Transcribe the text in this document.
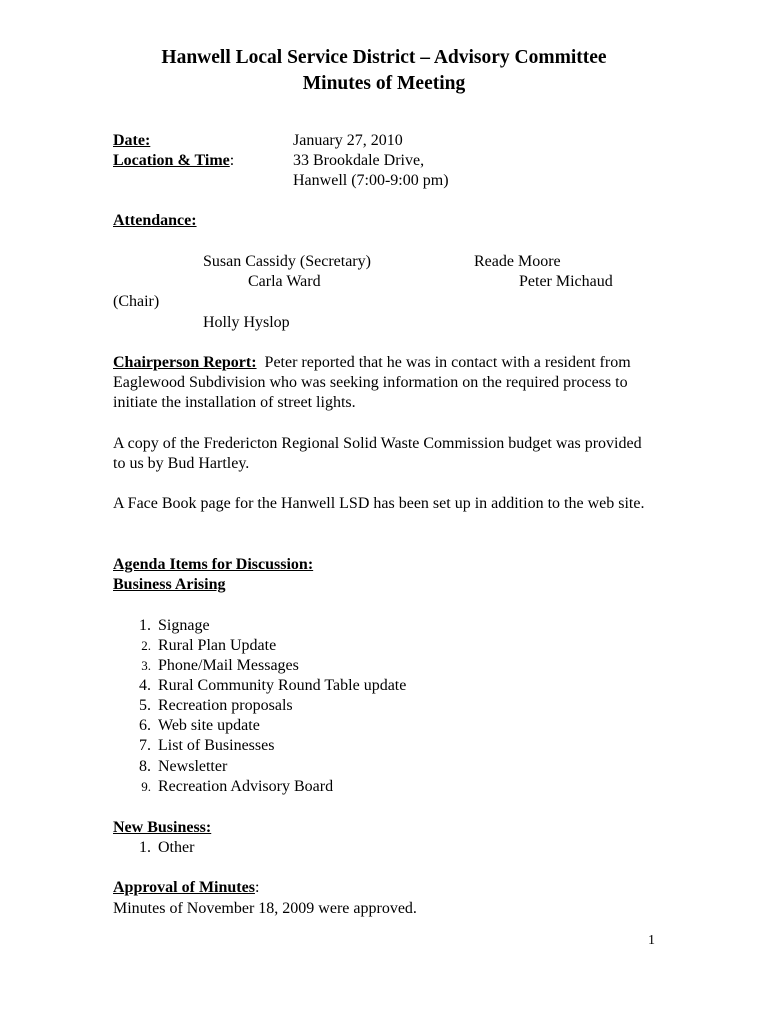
Hanwell Local Service District – Advisory Committee
Minutes of Meeting
Date:	January 27, 2010
Location & Time:	33 Brookdale Drive,
Hanwell (7:00-9:00 pm)
Attendance:
Susan Cassidy (Secretary)	Reade Moore
Carla Ward	Peter Michaud
(Chair)
Holly Hyslop
Chairperson Report: Peter reported that he was in contact with a resident from Eaglewood Subdivision who was seeking information on the required process to initiate the installation of street lights.
A copy of the Fredericton Regional Solid Waste Commission budget was provided to us by Bud Hartley.
A Face Book page for the Hanwell LSD has been set up in addition to the web site.
Agenda Items for Discussion:
Business Arising
1. Signage
2. Rural Plan Update
3. Phone/Mail Messages
4. Rural Community Round Table update
5. Recreation proposals
6. Web site update
7. List of Businesses
8. Newsletter
9. Recreation Advisory Board
New Business:
1. Other
Approval of Minutes:
Minutes of November 18, 2009 were approved.
1
